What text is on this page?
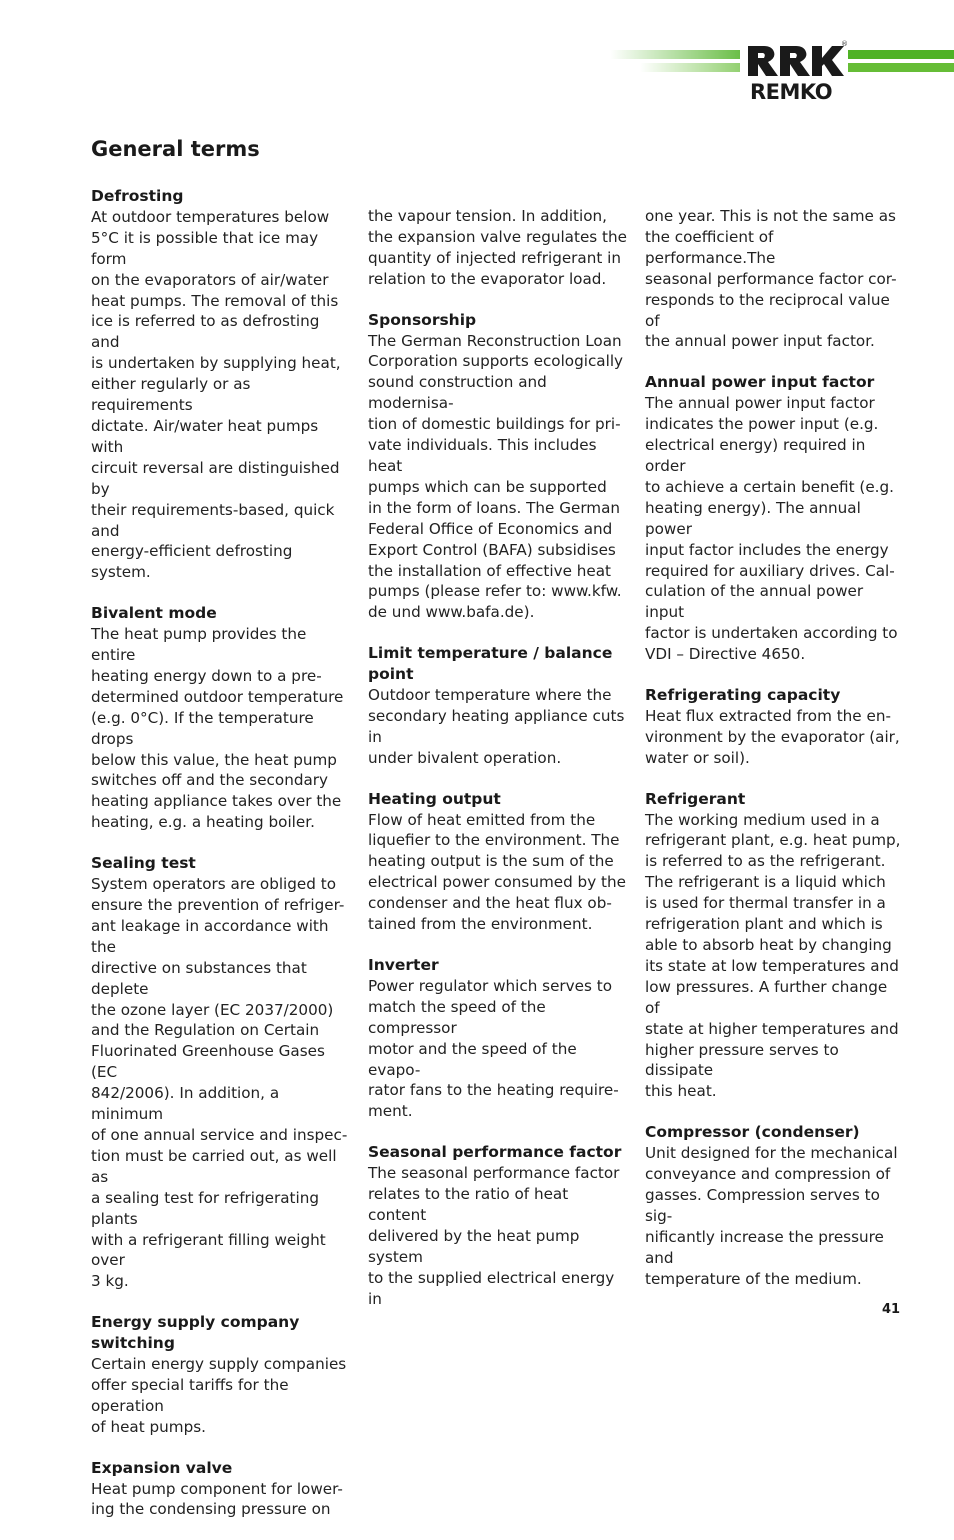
®
REMKO
General terms
Defrosting

At outdoor temperatures below
5°C it is possible that ice may form
on the evaporators of air/water
heat pumps. The removal of this
ice is referred to as defrosting and
is undertaken by supplying heat,
either regularly or as requirements
dictate. Air/water heat pumps with
circuit reversal are distinguished by
their requirements-based, quick and
energy-efficient defrosting system.

Bivalent mode

The heat pump provides the entire
heating energy down to a pre-
determined outdoor temperature
(e.g. 0°C). If the temperature drops
below this value, the heat pump
switches off and the secondary
heating appliance takes over the
heating, e.g. a heating boiler.

Sealing test

System operators are obliged to
ensure the prevention of refriger-
ant leakage in accordance with the
directive on substances that deplete
the ozone layer (EC 2037/2000)
and the Regulation on Certain
Fluorinated Greenhouse Gases (EC
842/2006). In addition, a minimum
of one annual service and inspec-
tion must be carried out, as well as
a sealing test for refrigerating plants
with a refrigerant filling weight over
3 kg.

Energy supply company
switching

Certain energy supply companies
offer special tariffs for the operation
of heat pumps.

Expansion valve

Heat pump component for lower-
ing the condensing pressure on

the vapour tension. In addition,
the expansion valve regulates the
quantity of injected refrigerant in
relation to the evaporator load.

Sponsorship

The German Reconstruction Loan
Corporation supports ecologically
sound construction and modernisa-
tion of domestic buildings for pri-
vate individuals. This includes heat
pumps which can be supported
in the form of loans. The German
Federal Office of Economics and
Export Control (BAFA) subsidises
the installation of effective heat
pumps (please refer to: www.kfw.
de und www.bafa.de).

Limit temperature / balance
point

Outdoor temperature where the
secondary heating appliance cuts in
under bivalent operation.

Heating output

Flow of heat emitted from the
liquefier to the environment. The
heating output is the sum of the
electrical power consumed by the
condenser and the heat flux ob-
tained from the environment.

Inverter

Power regulator which serves to
match the speed of the compressor
motor and the speed of the evapo-
rator fans to the heating require-
ment.

Seasonal performance factor

The seasonal performance factor
relates to the ratio of heat content
delivered by the heat pump system
to the supplied electrical energy in

one year. This is not the same as
the coefficient of performance.The
seasonal performance factor cor-
responds to the reciprocal value of
the annual power input factor.

Annual power input factor

The annual power input factor
indicates the power input (e.g.
electrical energy) required in order
to achieve a certain benefit (e.g.
heating energy). The annual power
input factor includes the energy
required for auxiliary drives. Cal-
culation of the annual power input
factor is undertaken according to
VDI – Directive 4650.

Refrigerating capacity

Heat flux extracted from the en-
vironment by the evaporator (air,
water or soil).

Refrigerant

The working medium used in a
refrigerant plant, e.g. heat pump,
is referred to as the refrigerant.
The refrigerant is a liquid which
is used for thermal transfer in a
refrigeration plant and which is
able to absorb heat by changing
its state at low temperatures and
low pressures. A further change of
state at higher temperatures and
higher pressure serves to dissipate
this heat.

Compressor (condenser)

Unit designed for the mechanical
conveyance and compression of
gasses. Compression serves to sig-
nificantly increase the pressure and
temperature of the medium.

41
